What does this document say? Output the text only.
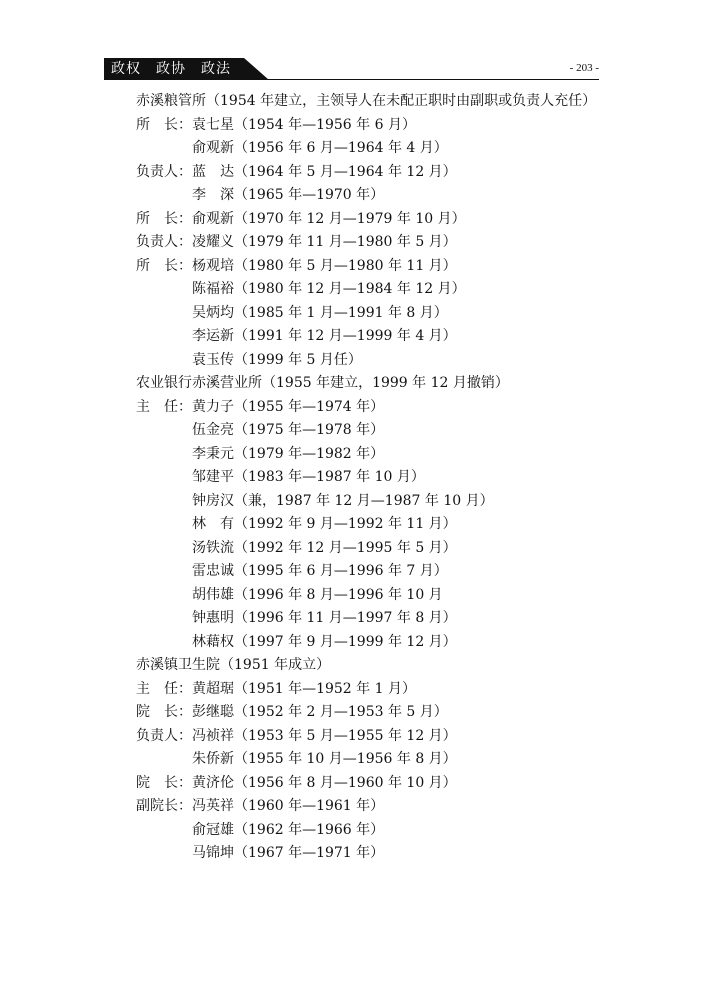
政权　政协　政法	- 203 -
赤溪粮管所（1954 年建立，主领导人在未配正职时由副职或负责人充任）
所　长： 袁七星（1954 年—1956 年 6 月）
俞观新（1956 年 6 月—1964 年 4 月）
负责人： 蓝　达（1964 年 5 月—1964 年 12 月）
李　深（1965 年—1970 年）
所　长： 俞观新（1970 年 12 月—1979 年 10 月）
负责人： 凌耀义（1979 年 11 月—1980 年 5 月）
所　长： 杨观培（1980 年 5 月—1980 年 11 月）
陈福裕（1980 年 12 月—1984 年 12 月）
吴炳均（1985 年 1 月—1991 年 8 月）
李运新（1991 年 12 月—1999 年 4 月）
袁玉传（1999 年 5 月任）
农业银行赤溪营业所（1955 年建立，1999 年 12 月撤销）
主　任： 黄力子（1955 年—1974 年）
伍金亮（1975 年—1978 年）
李秉元（1979 年—1982 年）
邹建平（1983 年—1987 年 10 月）
钟房汉（兼，1987 年 12 月—1987 年 10 月）
林　有（1992 年 9 月—1992 年 11 月）
汤铁流（1992 年 12 月—1995 年 5 月）
雷忠诚（1995 年 6 月—1996 年 7 月）
胡伟雄（1996 年 8 月—1996 年 10 月
钟惠明（1996 年 11 月—1997 年 8 月）
林藉权（1997 年 9 月—1999 年 12 月）
赤溪镇卫生院（1951 年成立）
主　任： 黄超琚（1951 年—1952 年 1 月）
院　长： 彭继聪（1952 年 2 月—1953 年 5 月）
负责人： 冯祯祥（1953 年 5 月—1955 年 12 月）
朱侨新（1955 年 10 月—1956 年 8 月）
院　长： 黄济伦（1956 年 8 月—1960 年 10 月）
副院长： 冯英祥（1960 年—1961 年）
俞冠雄（1962 年—1966 年）
马锦坤（1967 年—1971 年）
